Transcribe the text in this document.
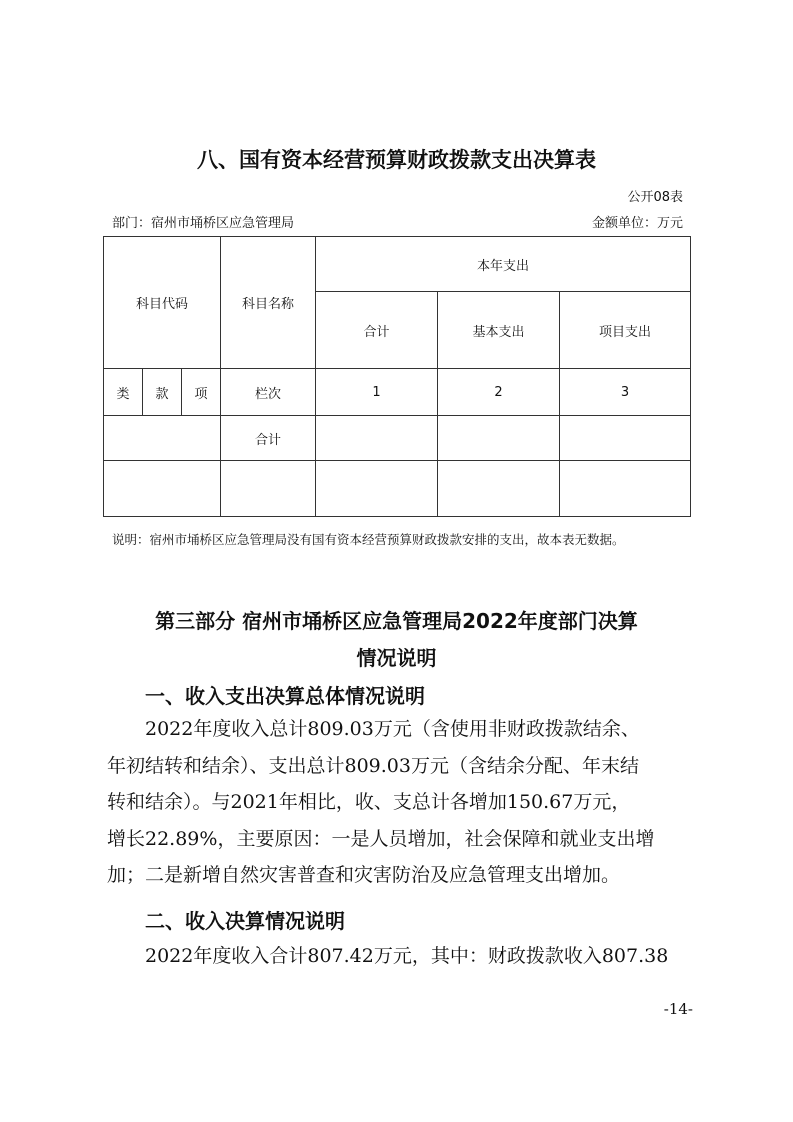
八、国有资本经营预算财政拨款支出决算表
公开08表
部门：宿州市埇桥区应急管理局	金额单位：万元
科目代码			科目名称	本年支出		
				合计	基本支出	项目支出
类	款	项	栏次	1	2	3
			合计			

说明：宿州市埇桥区应急管理局没有国有资本经营预算财政拨款安排的支出，故本表无数据。
第三部分 宿州市埇桥区应急管理局2022年度部门决算
情况说明
一、收入支出决算总体情况说明
2022年度收入总计809.03万元（含使用非财政拨款结余、
年初结转和结余）、支出总计809.03万元（含结余分配、年末结
转和结余）。与2021年相比，收、支总计各增加150.67万元，
增长22.89%，主要原因：一是人员增加，社会保障和就业支出增
加；二是新增自然灾害普查和灾害防治及应急管理支出增加。
二、收入决算情况说明
2022年度收入合计807.42万元，其中：财政拨款收入807.38
-14-
